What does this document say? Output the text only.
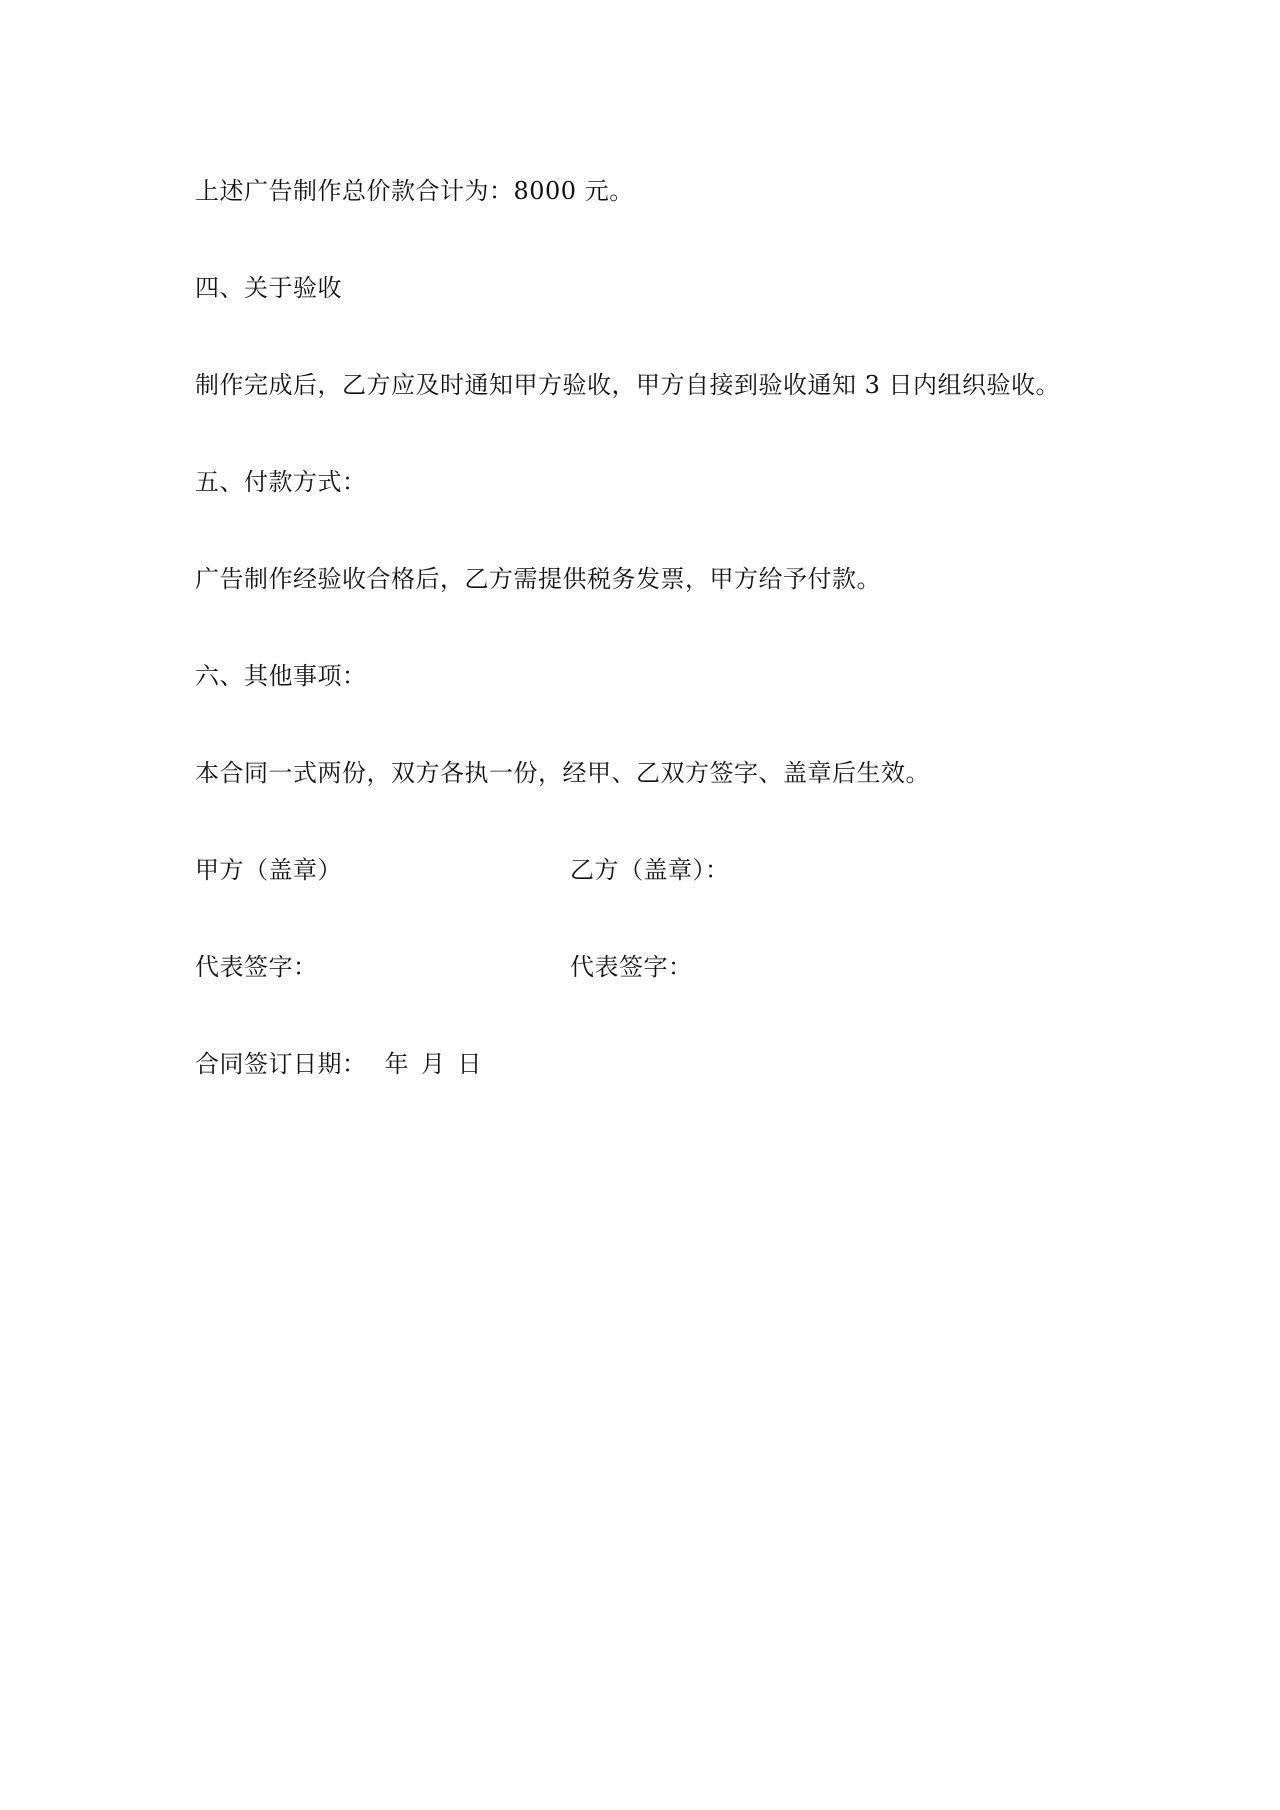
上述广告制作总价款合计为：8000 元。
四、关于验收
制作完成后，乙方应及时通知甲方验收，甲方自接到验收通知 3 日内组织验收。
五、付款方式：
广告制作经验收合格后，乙方需提供税务发票，甲方给予付款。
六、其他事项：
本合同一式两份，双方各执一份，经甲、乙双方签字、盖章后生效。
甲方（盖章）	乙方（盖章）：
代表签字：	代表签字：
合同签订日期： 年 月 日
